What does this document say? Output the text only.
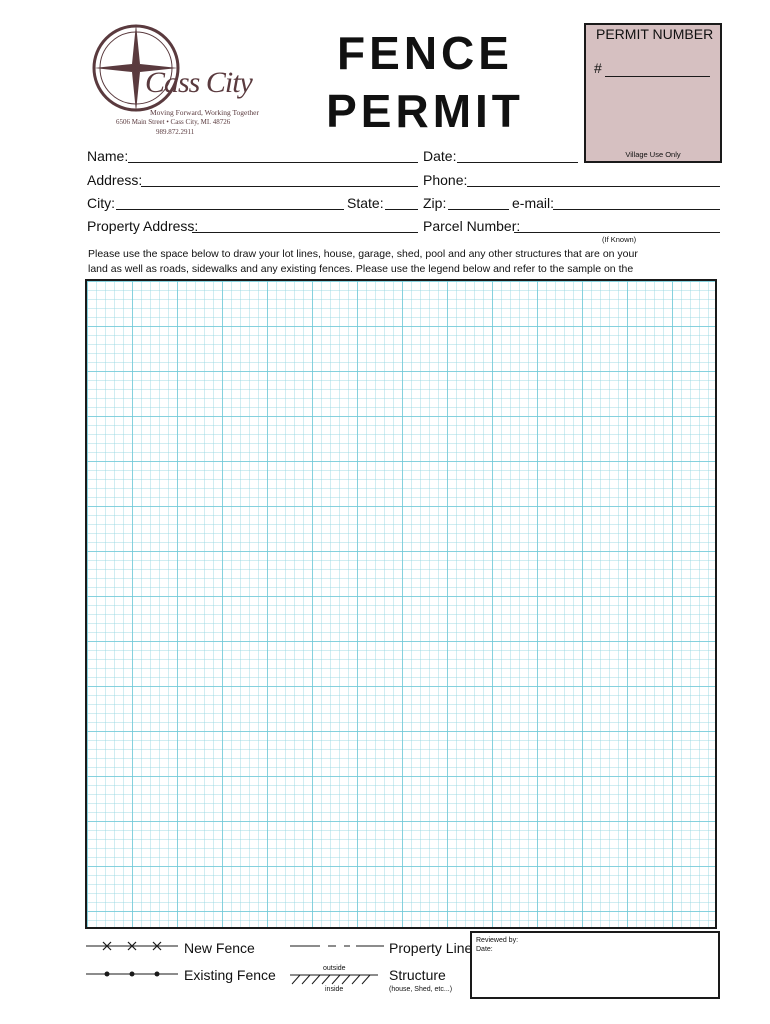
Cass City
Moving Forward, Working Together
6506 Main Street • Cass City, MI. 48726
989.872.2911
FENCE
PERMIT
PERMIT NUMBER
#
Village Use Only
Name:	Date:
Address:	Phone:
City:	State:	Zip:	e-mail:
Property Address:	Parcel Number:
(If Known)
Please use the space below to draw your lot lines, house, garage, shed, pool and any other structures that are on your land as well as roads, sidewalks and any existing fences. Please use the legend below and refer to the sample on the
New Fence
Existing Fence
Property Line
outside
inside
Structure
(house, Shed, etc...)
Reviewed by:
Date:
